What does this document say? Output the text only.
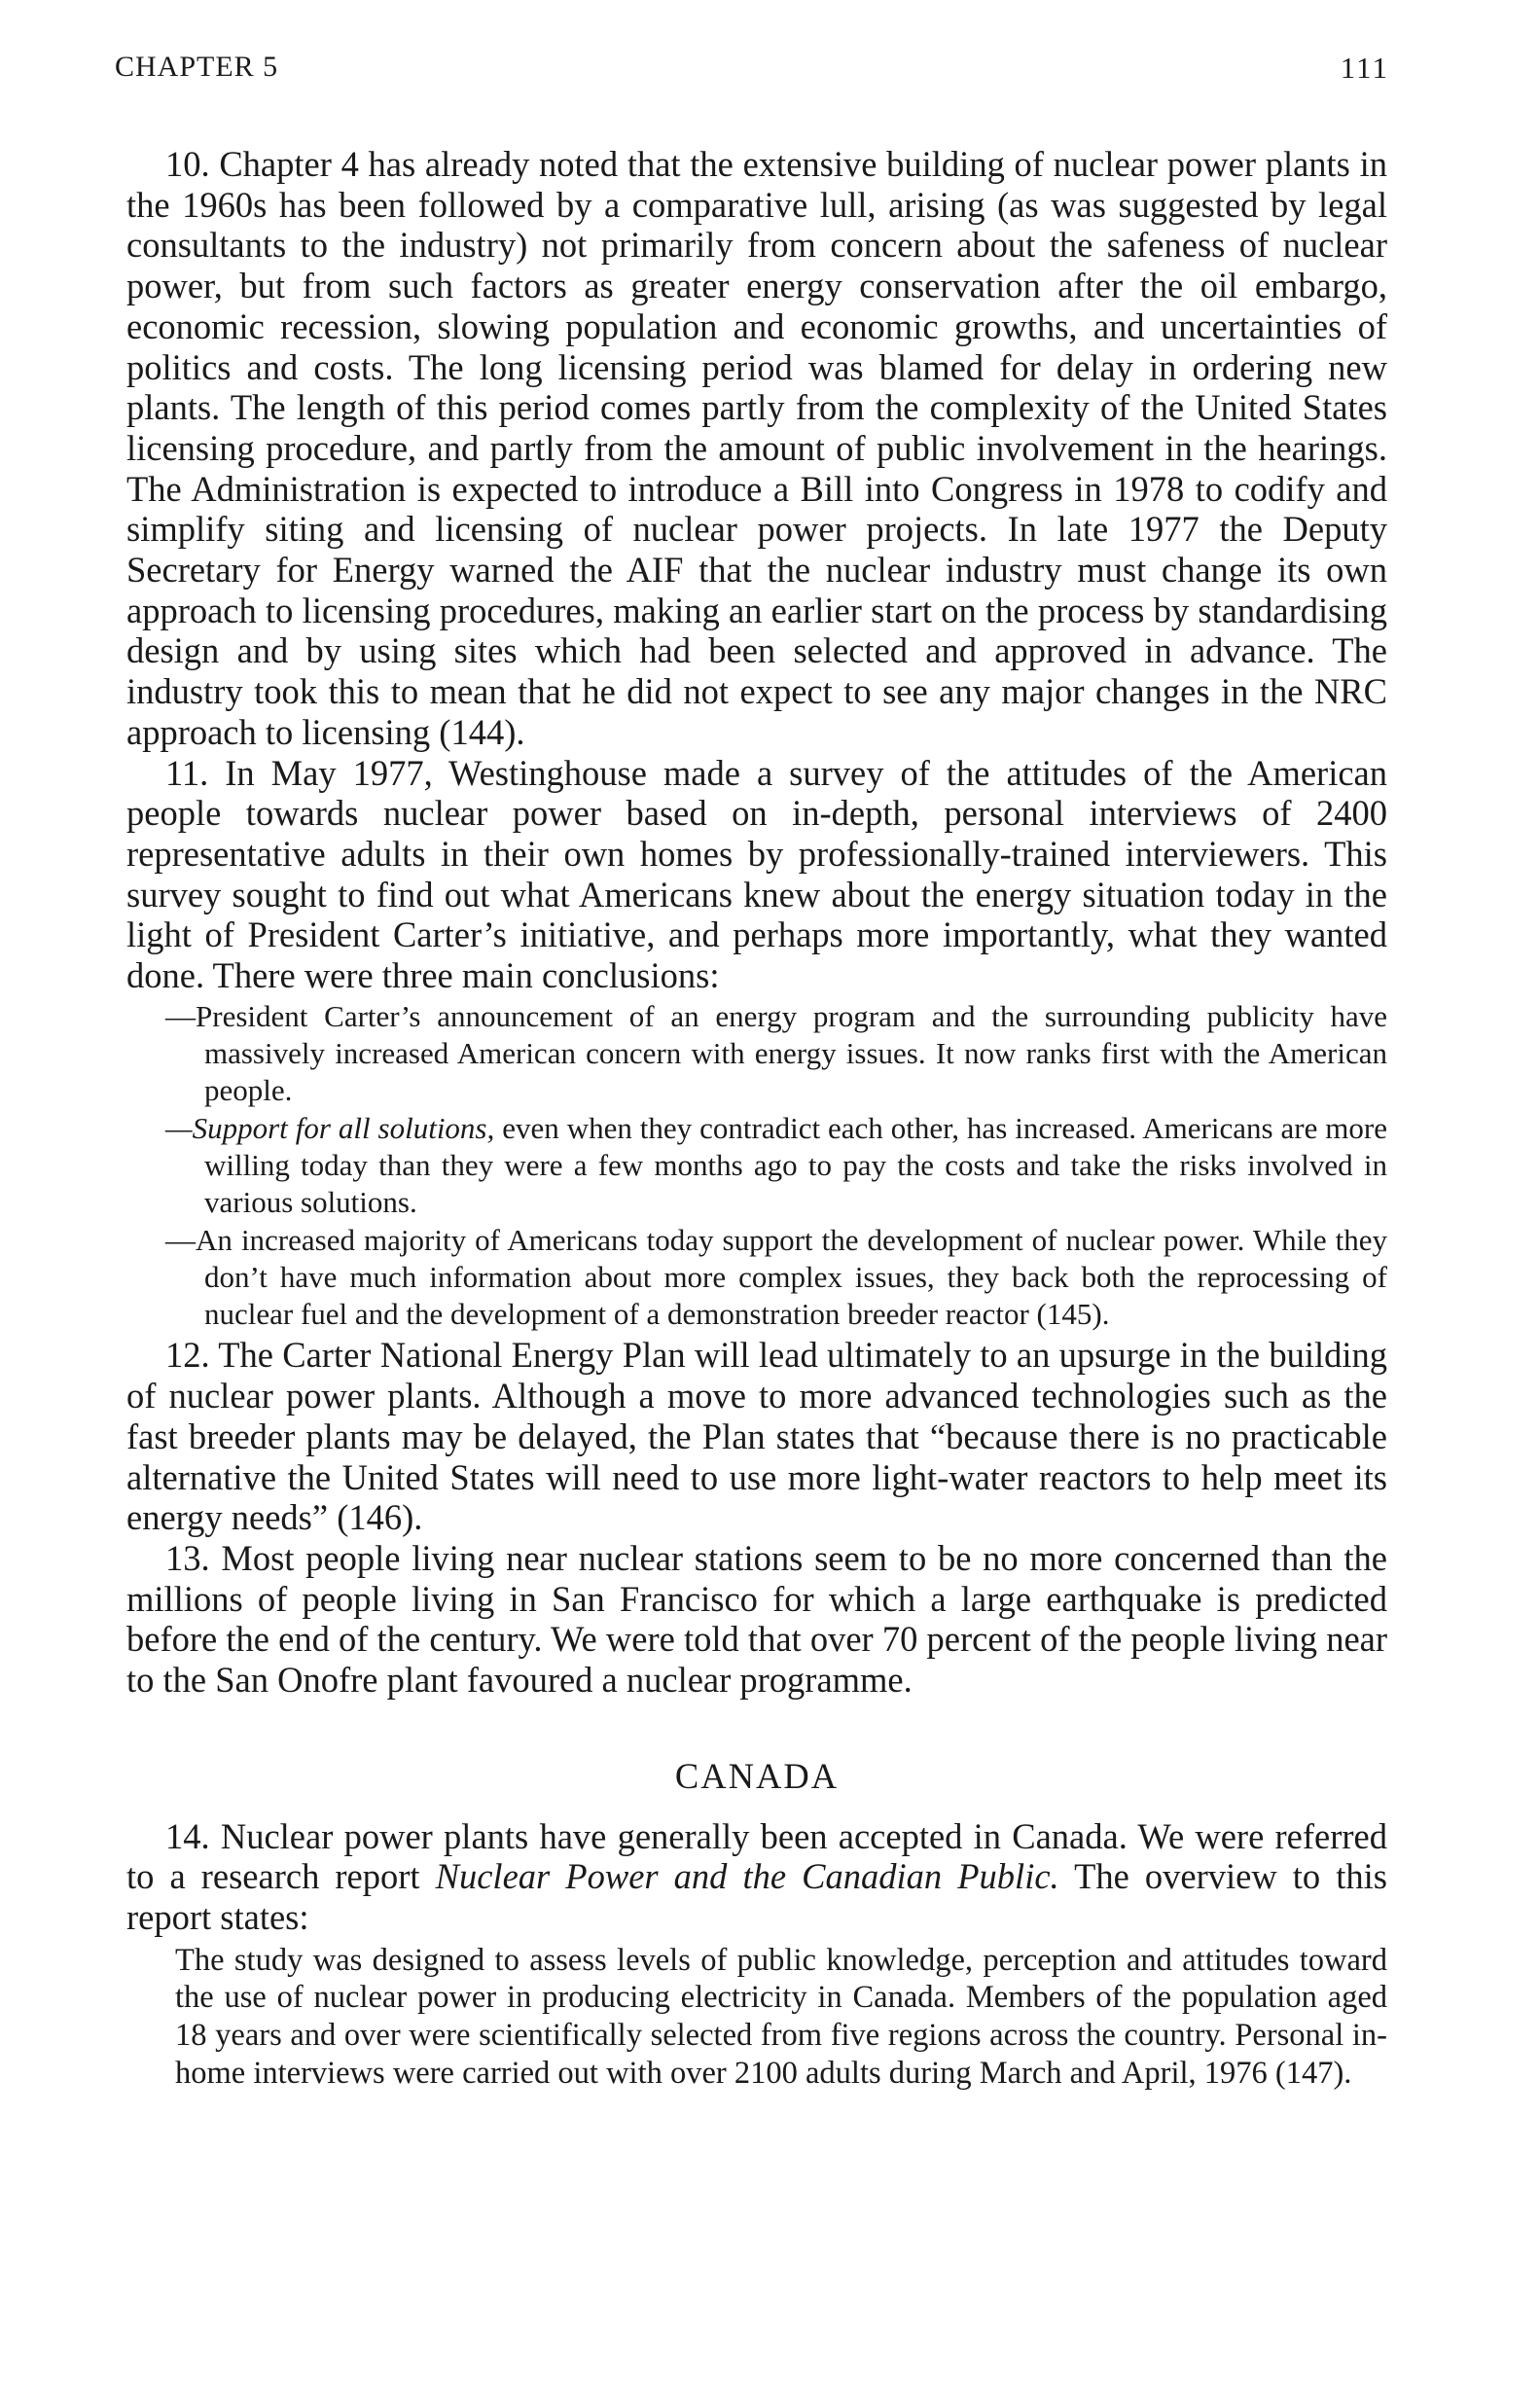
CHAPTER 5	111

10. Chapter 4 has already noted that the extensive building of nuclear power plants in the 1960s has been followed by a comparative lull, arising (as was suggested by legal consultants to the industry) not primarily from concern about the safeness of nuclear power, but from such factors as greater energy conservation after the oil embargo, economic recession, slowing population and economic growths, and uncertainties of politics and costs. The long licensing period was blamed for delay in ordering new plants. The length of this period comes partly from the complexity of the United States licensing procedure, and partly from the amount of public involvement in the hearings. The Administration is expected to introduce a Bill into Congress in 1978 to codify and simplify siting and licensing of nuclear power projects. In late 1977 the Deputy Secretary for Energy warned the AIF that the nuclear industry must change its own approach to licensing procedures, making an earlier start on the process by standardising design and by using sites which had been selected and approved in advance. The industry took this to mean that he did not expect to see any major changes in the NRC approach to licensing (144).

11. In May 1977, Westinghouse made a survey of the attitudes of the American people towards nuclear power based on in-depth, personal interviews of 2400 representative adults in their own homes by professionally-trained interviewers. This survey sought to find out what Americans knew about the energy situation today in the light of President Carter’s initiative, and perhaps more importantly, what they wanted done. There were three main conclusions:

—President Carter’s announcement of an energy program and the surrounding publicity have massively increased American concern with energy issues. It now ranks first with the American people.
—Support for all solutions, even when they contradict each other, has increased. Americans are more willing today than they were a few months ago to pay the costs and take the risks involved in various solutions.
—An increased majority of Americans today support the development of nuclear power. While they don’t have much information about more complex issues, they back both the reprocessing of nuclear fuel and the development of a demonstration breeder reactor (145).

12. The Carter National Energy Plan will lead ultimately to an upsurge in the building of nuclear power plants. Although a move to more advanced technologies such as the fast breeder plants may be delayed, the Plan states that “because there is no practicable alternative the United States will need to use more light-water reactors to help meet its energy needs” (146).

13. Most people living near nuclear stations seem to be no more concerned than the millions of people living in San Francisco for which a large earthquake is predicted before the end of the century. We were told that over 70 percent of the people living near to the San Onofre plant favoured a nuclear programme.

CANADA

14. Nuclear power plants have generally been accepted in Canada. We were referred to a research report Nuclear Power and the Canadian Public. The overview to this report states:

The study was designed to assess levels of public knowledge, perception and attitudes toward the use of nuclear power in producing electricity in Canada. Members of the population aged 18 years and over were scientifically selected from five regions across the country. Personal in-home interviews were carried out with over 2100 adults during March and April, 1976 (147).
